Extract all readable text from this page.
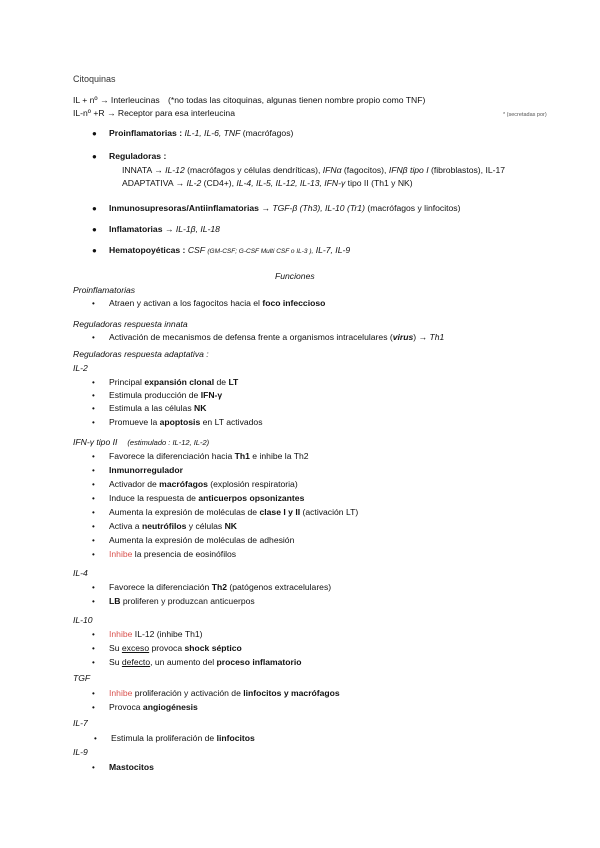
Citoquinas
IL + nº → Interleucinas (*no todas las citoquinas, algunas tienen nombre propio como TNF)
IL-nº +R → Receptor para esa interleucina	* (secretadas por)
● Proinflamatorias : IL-1, IL-6, TNF (macrófagos)
● Reguladoras :
INNATA → IL-12 (macrófagos y células dendríticas), IFNα (fagocitos), IFNβ tipo I (fibroblastos), IL-17
ADAPTATIVA → IL-2 (CD4+), IL-4, IL-5, IL-12, IL-13, IFN-γ tipo II (Th1 y NK)
● Inmunosupresoras/Antiinflamatorias → TGF-β (Th3), IL-10 (Tr1) (macrófagos y linfocitos)
● Inflamatorias → IL-1β, IL-18
● Hematopoyéticas : CSF (GM-CSF; G-CSF Multi CSF o IL-3 ), IL-7, IL-9
Funciones
Proinflamatorias
• Atraen y activan a los fagocitos hacia el foco infeccioso
Reguladoras respuesta innata
• Activación de mecanismos de defensa frente a organismos intracelulares (virus) → Th1
Reguladoras respuesta adaptativa :
IL-2
• Principal expansión clonal de LT
• Estimula producción de IFN-γ
• Estimula a las células NK
• Promueve la apoptosis en LT activados
IFN-γ tipo II (estimulado : IL-12, IL-2)
• Favorece la diferenciación hacia Th1 e inhibe la Th2
• Inmunorregulador
• Activador de macrófagos (explosión respiratoria)
• Induce la respuesta de anticuerpos opsonizantes
• Aumenta la expresión de moléculas de clase I y II (activación LT)
• Activa a neutrófilos y células NK
• Aumenta la expresión de moléculas de adhesión
• Inhibe la presencia de eosinófilos
IL-4
• Favorece la diferenciación Th2 (patógenos extracelulares)
• LB proliferen y produzcan anticuerpos
IL-10
• Inhibe IL-12 (inhibe Th1)
• Su exceso provoca shock séptico
• Su defecto, un aumento del proceso inflamatorio
TGF
• Inhibe proliferación y activación de linfocitos y macrófagos
• Provoca angiogénesis
IL-7
• Estimula la proliferación de linfocitos
IL-9
• Mastocitos
